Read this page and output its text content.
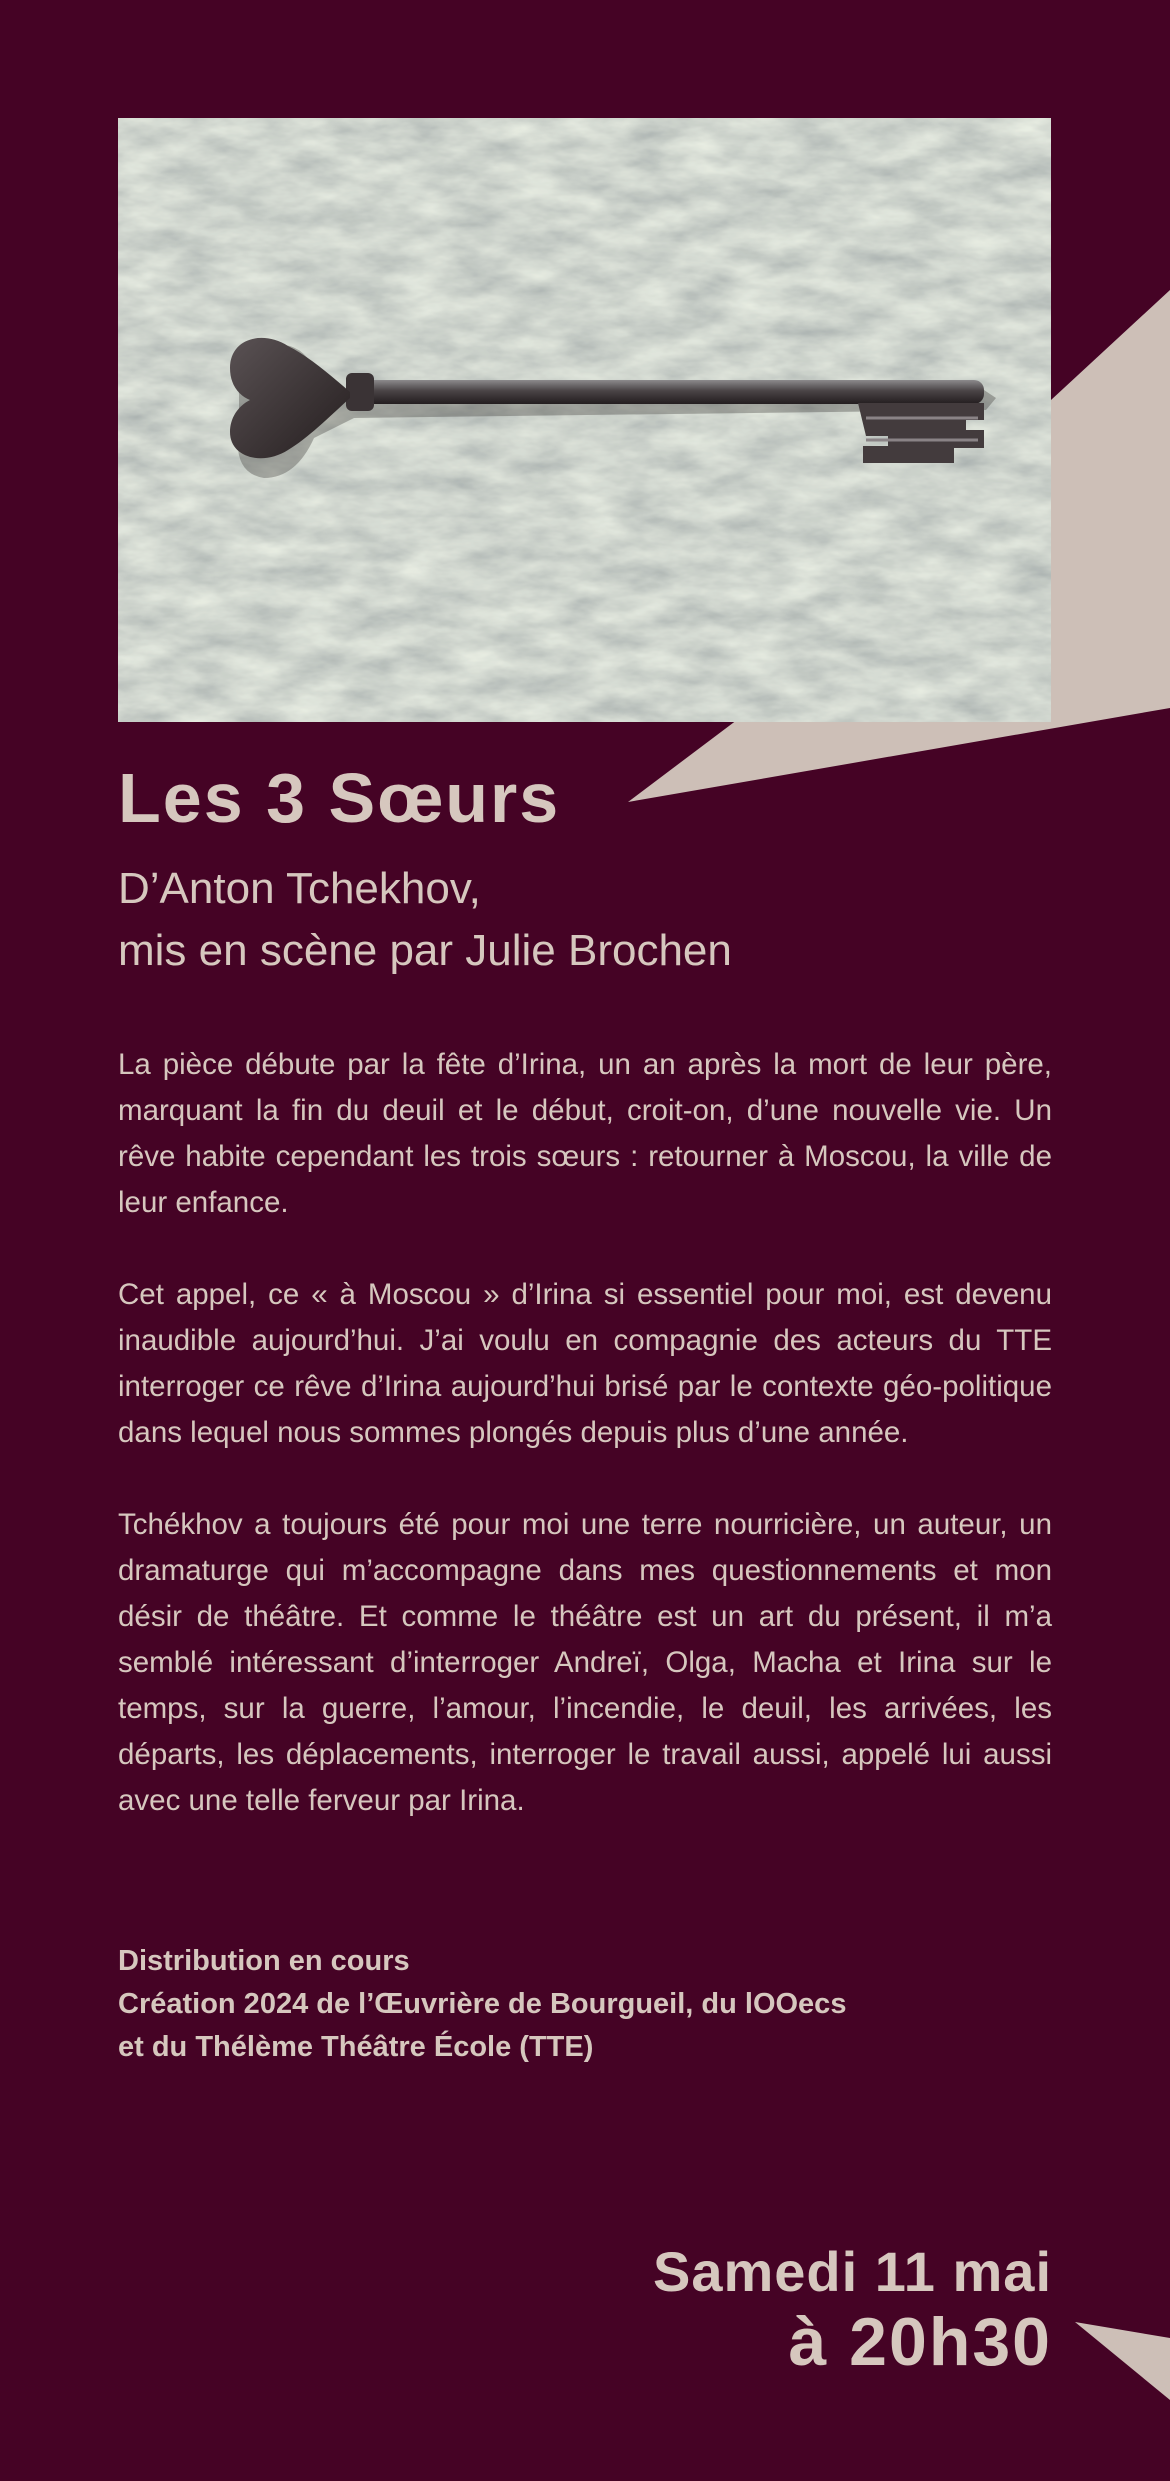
Les 3 Sœurs
D’Anton Tchekhov,
mis en scène par Julie Brochen

La pièce débute par la fête d’Irina, un an après la mort de leur père, marquant la fin du deuil et le début, croit-on, d’une nouvelle vie. Un rêve habite cependant les trois sœurs : retourner à Moscou, la ville de leur enfance.

Cet appel, ce « à Moscou » d’Irina si essentiel pour moi, est devenu inaudible aujourd’hui. J’ai voulu en compagnie des acteurs du TTE interroger ce rêve d’Irina aujourd’hui brisé par le contexte géo-politique dans lequel nous sommes plongés depuis plus d’une année.

Tchékhov a toujours été pour moi une terre nourricière, un auteur, un dramaturge qui m’accompagne dans mes questionnements et mon désir de théâtre. Et comme le théâtre est un art du présent, il m’a semblé intéressant d’interroger Andreï, Olga, Macha et Irina sur le temps, sur la guerre, l’amour, l’incendie, le deuil, les arrivées, les départs, les déplacements, interroger le travail aussi, appelé lui aussi avec une telle ferveur par Irina.

Distribution en cours
Création 2024 de l’Œuvrière de Bourgueil, du lOOecs
et du Thélème Théâtre École (TTE)
Samedi 11 mai
à 20h30
